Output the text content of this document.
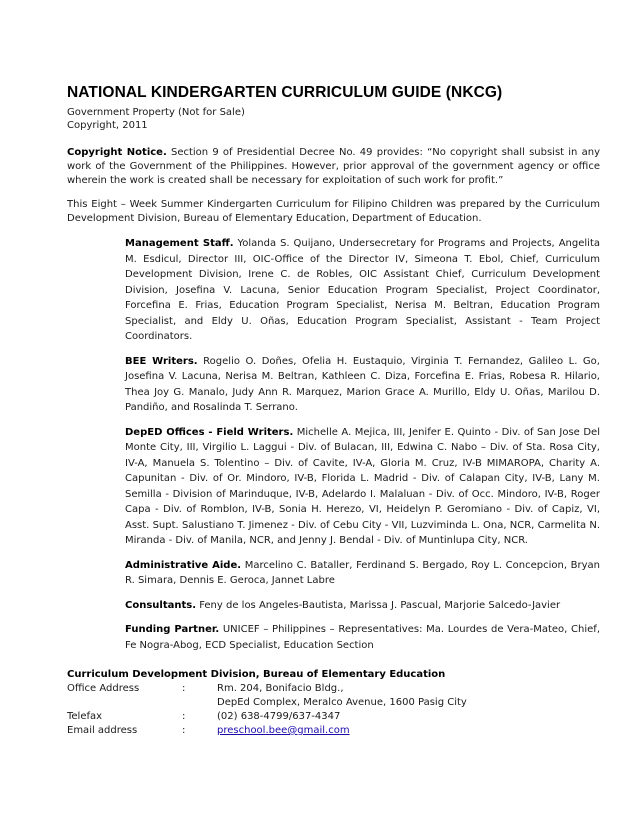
NATIONAL KINDERGARTEN CURRICULUM GUIDE (NKCG)
Government Property (Not for Sale)
Copyright, 2011

Copyright Notice. Section 9 of Presidential Decree No. 49 provides: “No copyright shall subsist in any work of the Government of the Philippines. However, prior approval of the government agency or office wherein the work is created shall be necessary for exploitation of such work for profit.”

This Eight – Week Summer Kindergarten Curriculum for Filipino Children was prepared by the Curriculum Development Division, Bureau of Elementary Education, Department of Education.

Management Staff. Yolanda S. Quijano, Undersecretary for Programs and Projects, Angelita M. Esdicul, Director III, OIC-Office of the Director IV, Simeona T. Ebol, Chief, Curriculum Development Division, Irene C. de Robles, OIC Assistant Chief, Curriculum Development Division, Josefina V. Lacuna, Senior Education Program Specialist, Project Coordinator, Forcefina E. Frias, Education Program Specialist, Nerisa M. Beltran, Education Program Specialist, and Eldy U. Oñas, Education Program Specialist, Assistant - Team Project Coordinators.

BEE Writers. Rogelio O. Doñes, Ofelia H. Eustaquio, Virginia T. Fernandez, Galileo L. Go, Josefina V. Lacuna, Nerisa M. Beltran, Kathleen C. Diza, Forcefina E. Frias, Robesa R. Hilario, Thea Joy G. Manalo, Judy Ann R. Marquez, Marion Grace A. Murillo, Eldy U. Oñas, Marilou D. Pandiño, and Rosalinda T. Serrano.

DepED Offices - Field Writers. Michelle A. Mejica, III, Jenifer E. Quinto - Div. of San Jose Del Monte City, III, Virgilio L. Laggui - Div. of Bulacan, III, Edwina C. Nabo – Div. of Sta. Rosa City, IV-A, Manuela S. Tolentino – Div. of Cavite, IV-A, Gloria M. Cruz, IV-B MIMAROPA, Charity A. Capunitan - Div. of Or. Mindoro, IV-B, Florida L. Madrid - Div. of Calapan City, IV-B, Lany M. Semilla - Division of Marinduque, IV-B, Adelardo I. Malaluan - Div. of Occ. Mindoro, IV-B, Roger Capa - Div. of Romblon, IV-B, Sonia H. Herezo, VI, Heidelyn P. Geromiano - Div. of Capiz, VI, Asst. Supt. Salustiano T. Jimenez - Div. of Cebu City - VII, Luzviminda L. Ona, NCR, Carmelita N. Miranda - Div. of Manila, NCR, and Jenny J. Bendal - Div. of Muntinlupa City, NCR.

Administrative Aide. Marcelino C. Bataller, Ferdinand S. Bergado, Roy L. Concepcion, Bryan R. Simara, Dennis E. Geroca, Jannet Labre

Consultants. Feny de los Angeles-Bautista, Marissa J. Pascual, Marjorie Salcedo-Javier

Funding Partner. UNICEF – Philippines – Representatives: Ma. Lourdes de Vera-Mateo, Chief, Fe Nogra-Abog, ECD Specialist, Education Section

Curriculum Development Division, Bureau of Elementary Education
Office Address	:	Rm. 204, Bonifacio Bldg.,
DepEd Complex, Meralco Avenue, 1600 Pasig City
Telefax	:	(02) 638-4799/637-4347
Email address	:	preschool.bee@gmail.com
